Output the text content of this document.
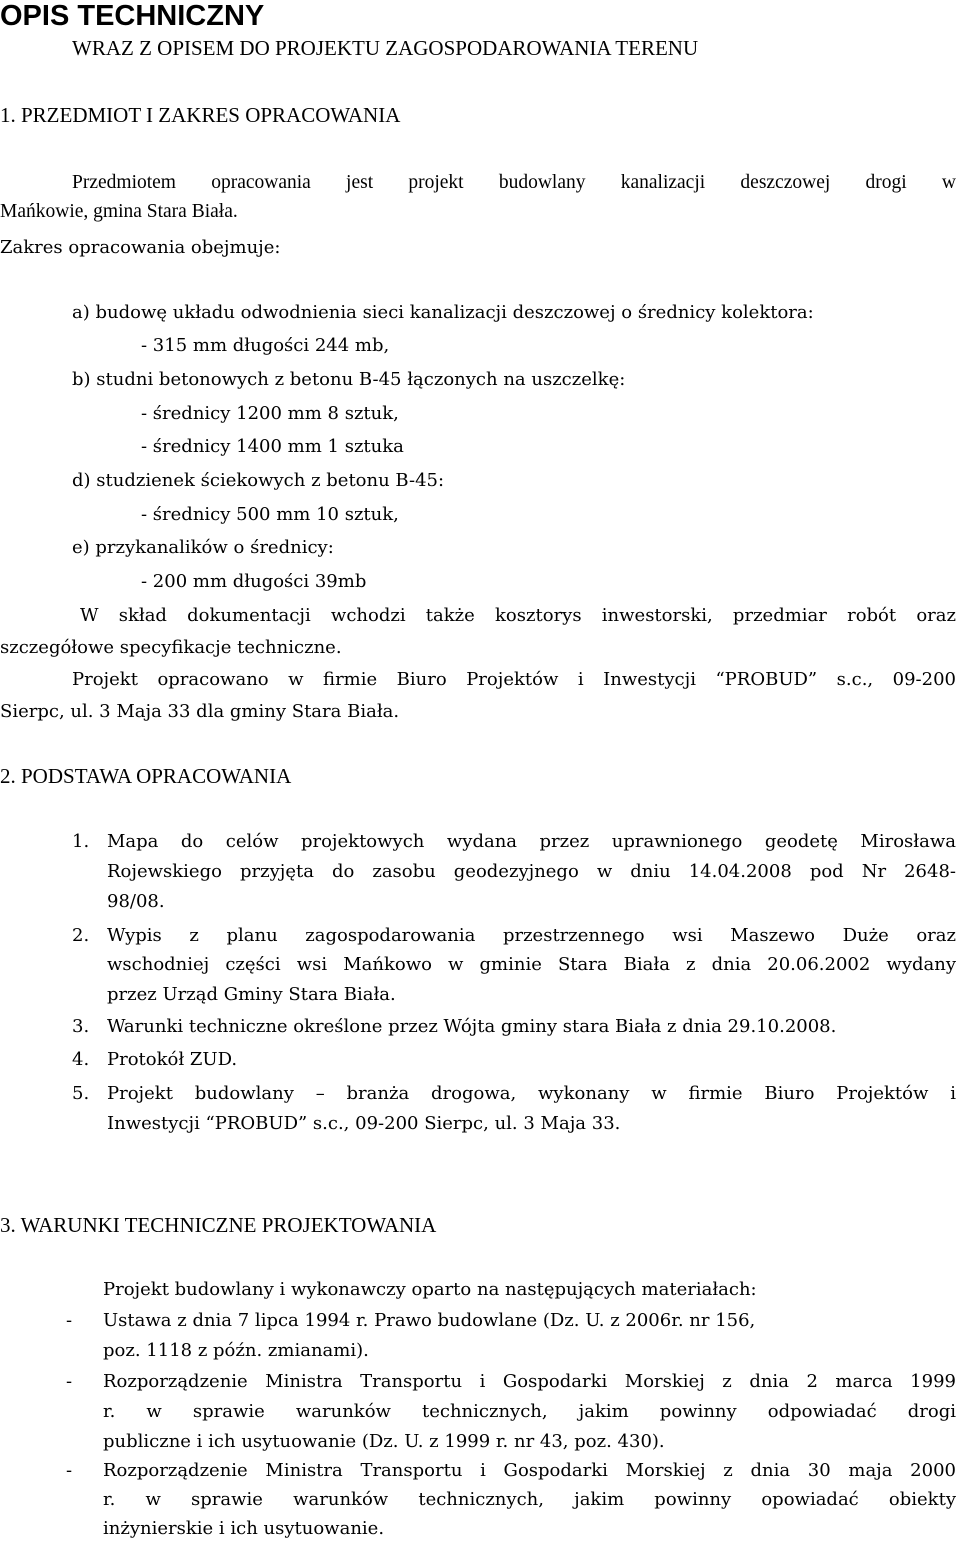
OPIS TECHNICZNY
WRAZ Z OPISEM DO PROJEKTU ZAGOSPODAROWANIA TERENU
1. PRZEDMIOT I ZAKRES OPRACOWANIA
Przedmiotem opracowania jest projekt budowlany kanalizacji deszczowej drogi w
Mańkowie, gmina Stara Biała.
Zakres opracowania obejmuje:
a) budowę układu odwodnienia sieci kanalizacji deszczowej o średnicy kolektora:
- 315 mm długości 244 mb,
b) studni betonowych z betonu B-45 łączonych na uszczelkę:
- średnicy 1200 mm 8 sztuk,
- średnicy 1400 mm 1 sztuka
d) studzienek ściekowych z betonu B-45:
- średnicy 500 mm 10 sztuk,
e) przykanalików o średnicy:
- 200 mm długości 39mb
W skład dokumentacji wchodzi także kosztorys inwestorski, przedmiar robót oraz
szczegółowe specyfikacje techniczne.
Projekt opracowano w firmie Biuro Projektów i Inwestycji “PROBUD” s.c., 09-200
Sierpc, ul. 3 Maja 33 dla gminy Stara Biała.
2. PODSTAWA OPRACOWANIA
1. Mapa do celów projektowych wydana przez uprawnionego geodetę Mirosława
Rojewskiego przyjęta do zasobu geodezyjnego w dniu 14.04.2008 pod Nr 2648-
98/08.
2. Wypis z planu zagospodarowania przestrzennego wsi Maszewo Duże oraz
wschodniej części wsi Mańkowo w gminie Stara Biała z dnia 20.06.2002 wydany
przez Urząd Gminy Stara Biała.
3. Warunki techniczne określone przez Wójta gminy stara Biała z dnia 29.10.2008.
4. Protokół ZUD.
5. Projekt budowlany – branża drogowa, wykonany w firmie Biuro Projektów i
Inwestycji “PROBUD” s.c., 09-200 Sierpc, ul. 3 Maja 33.
3. WARUNKI TECHNICZNE PROJEKTOWANIA
Projekt budowlany i wykonawczy oparto na następujących materiałach:
- Ustawa z dnia 7 lipca 1994 r. Prawo budowlane (Dz. U. z 2006r. nr 156,
poz. 1118 z późn. zmianami).
- Rozporządzenie Ministra Transportu i Gospodarki Morskiej z dnia 2 marca 1999
r. w sprawie warunków technicznych, jakim powinny odpowiadać drogi
publiczne i ich usytuowanie (Dz. U. z 1999 r. nr 43, poz. 430).
- Rozporządzenie Ministra Transportu i Gospodarki Morskiej z dnia 30 maja 2000
r. w sprawie warunków technicznych, jakim powinny opowiadać obiekty
inżynierskie i ich usytuowanie.
